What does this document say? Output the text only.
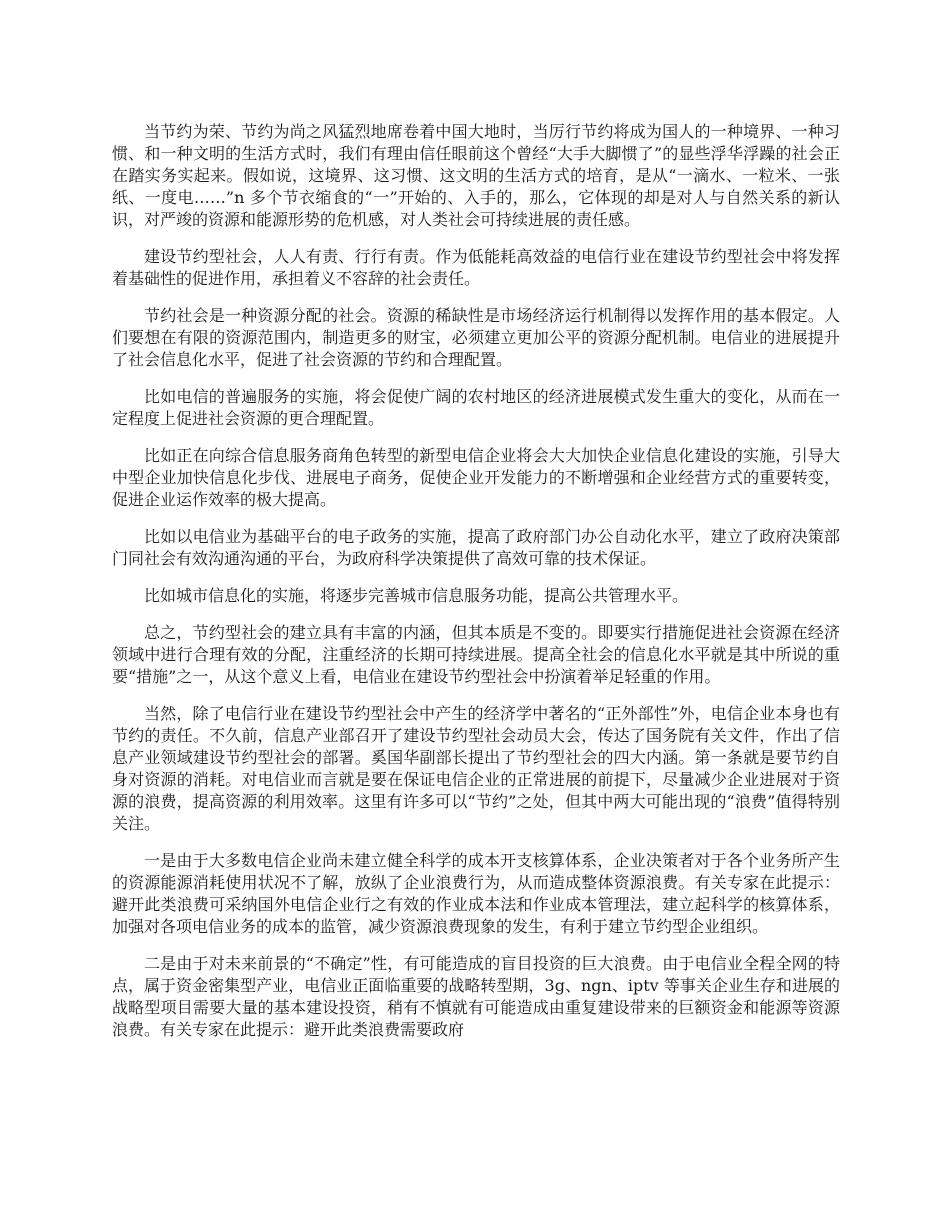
当节约为荣、节约为尚之风猛烈地席卷着中国大地时，当厉行节约将成为国人的一种境界、一种习惯、和一种文明的生活方式时，我们有理由信任眼前这个曾经“大手大脚惯了”的显些浮华浮躁的社会正在踏实务实起来。假如说，这境界、这习惯、这文明的生活方式的培育，是从“一滴水、一粒米、一张纸、一度电……”n 多个节衣缩食的“一”开始的、入手的，那么，它体现的却是对人与自然关系的新认识，对严竣的资源和能源形势的危机感，对人类社会可持续进展的责任感。

建设节约型社会，人人有责、行行有责。作为低能耗高效益的电信行业在建设节约型社会中将发挥着基础性的促进作用，承担着义不容辞的社会责任。

节约社会是一种资源分配的社会。资源的稀缺性是市场经济运行机制得以发挥作用的基本假定。人们要想在有限的资源范围内，制造更多的财宝，必须建立更加公平的资源分配机制。电信业的进展提升了社会信息化水平，促进了社会资源的节约和合理配置。

比如电信的普遍服务的实施，将会促使广阔的农村地区的经济进展模式发生重大的变化，从而在一定程度上促进社会资源的更合理配置。

比如正在向综合信息服务商角色转型的新型电信企业将会大大加快企业信息化建设的实施，引导大中型企业加快信息化步伐、进展电子商务，促使企业开发能力的不断增强和企业经营方式的重要转变，促进企业运作效率的极大提高。

比如以电信业为基础平台的电子政务的实施，提高了政府部门办公自动化水平，建立了政府决策部门同社会有效沟通沟通的平台，为政府科学决策提供了高效可靠的技术保证。

比如城市信息化的实施，将逐步完善城市信息服务功能，提高公共管理水平。

总之，节约型社会的建立具有丰富的内涵，但其本质是不变的。即要实行措施促进社会资源在经济领域中进行合理有效的分配，注重经济的长期可持续进展。提高全社会的信息化水平就是其中所说的重要“措施”之一，从这个意义上看，电信业在建设节约型社会中扮演着举足轻重的作用。

当然，除了电信行业在建设节约型社会中产生的经济学中著名的“正外部性”外，电信企业本身也有节约的责任。不久前，信息产业部召开了建设节约型社会动员大会，传达了国务院有关文件，作出了信息产业领域建设节约型社会的部署。奚国华副部长提出了节约型社会的四大内涵。第一条就是要节约自身对资源的消耗。对电信业而言就是要在保证电信企业的正常进展的前提下，尽量减少企业进展对于资源的浪费，提高资源的利用效率。这里有许多可以“节约”之处，但其中两大可能出现的“浪费”值得特别关注。

一是由于大多数电信企业尚未建立健全科学的成本开支核算体系，企业决策者对于各个业务所产生的资源能源消耗使用状况不了解，放纵了企业浪费行为，从而造成整体资源浪费。有关专家在此提示：避开此类浪费可采纳国外电信企业行之有效的作业成本法和作业成本管理法，建立起科学的核算体系，加强对各项电信业务的成本的监管，减少资源浪费现象的发生，有利于建立节约型企业组织。

二是由于对未来前景的“不确定”性，有可能造成的盲目投资的巨大浪费。由于电信业全程全网的特点，属于资金密集型产业，电信业正面临重要的战略转型期，3g、ngn、iptv 等事关企业生存和进展的战略型项目需要大量的基本建设投资，稍有不慎就有可能造成由重复建设带来的巨额资金和能源等资源浪费。有关专家在此提示：避开此类浪费需要政府
